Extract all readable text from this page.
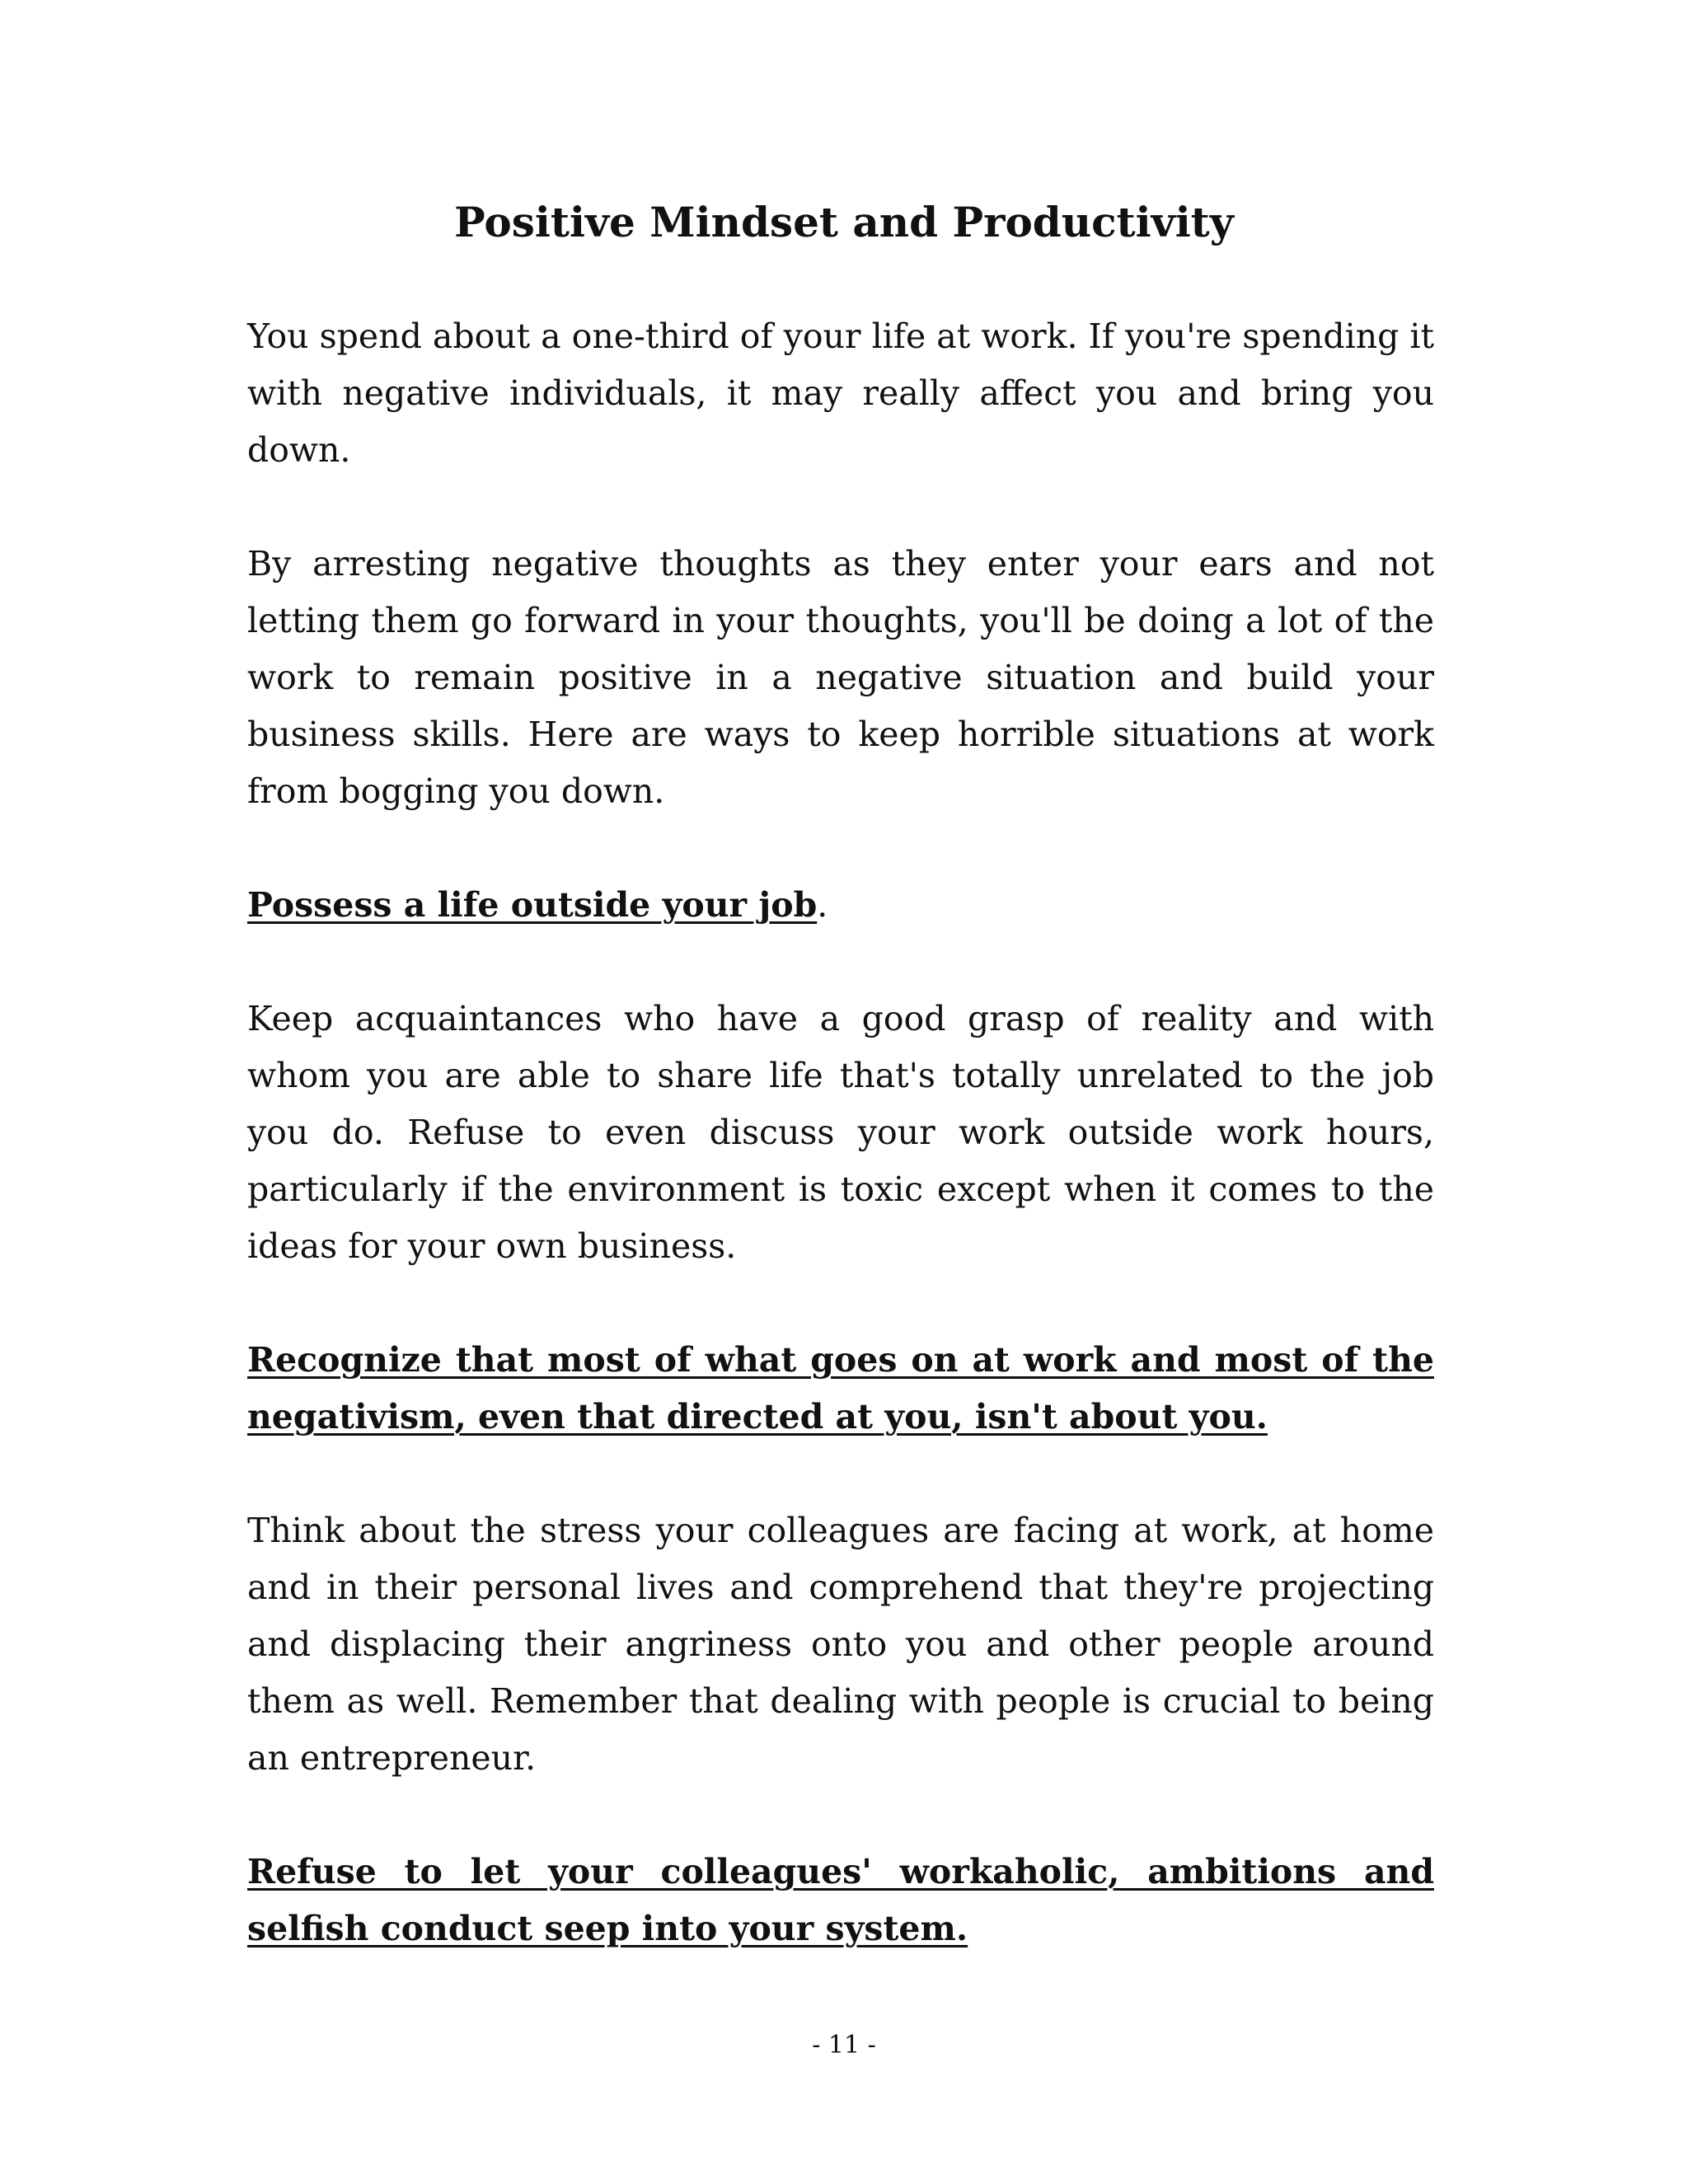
Positive Mindset and Productivity

You spend about a one-third of your life at work. If you're spending it with negative individuals, it may really affect you and bring you down.

By arresting negative thoughts as they enter your ears and not letting them go forward in your thoughts, you'll be doing a lot of the work to remain positive in a negative situation and build your business skills. Here are ways to keep horrible situations at work from bogging you down.

Possess a life outside your job.

Keep acquaintances who have a good grasp of reality and with whom you are able to share life that's totally unrelated to the job you do. Refuse to even discuss your work outside work hours, particularly if the environment is toxic except when it comes to the ideas for your own business.

Recognize that most of what goes on at work and most of the negativism, even that directed at you, isn't about you.

Think about the stress your colleagues are facing at work, at home and in their personal lives and comprehend that they're projecting and displacing their angriness onto you and other people around them as well. Remember that dealing with people is crucial to being an entrepreneur.

Refuse to let your colleagues' workaholic, ambitions and selfish conduct seep into your system.

- 11 -
